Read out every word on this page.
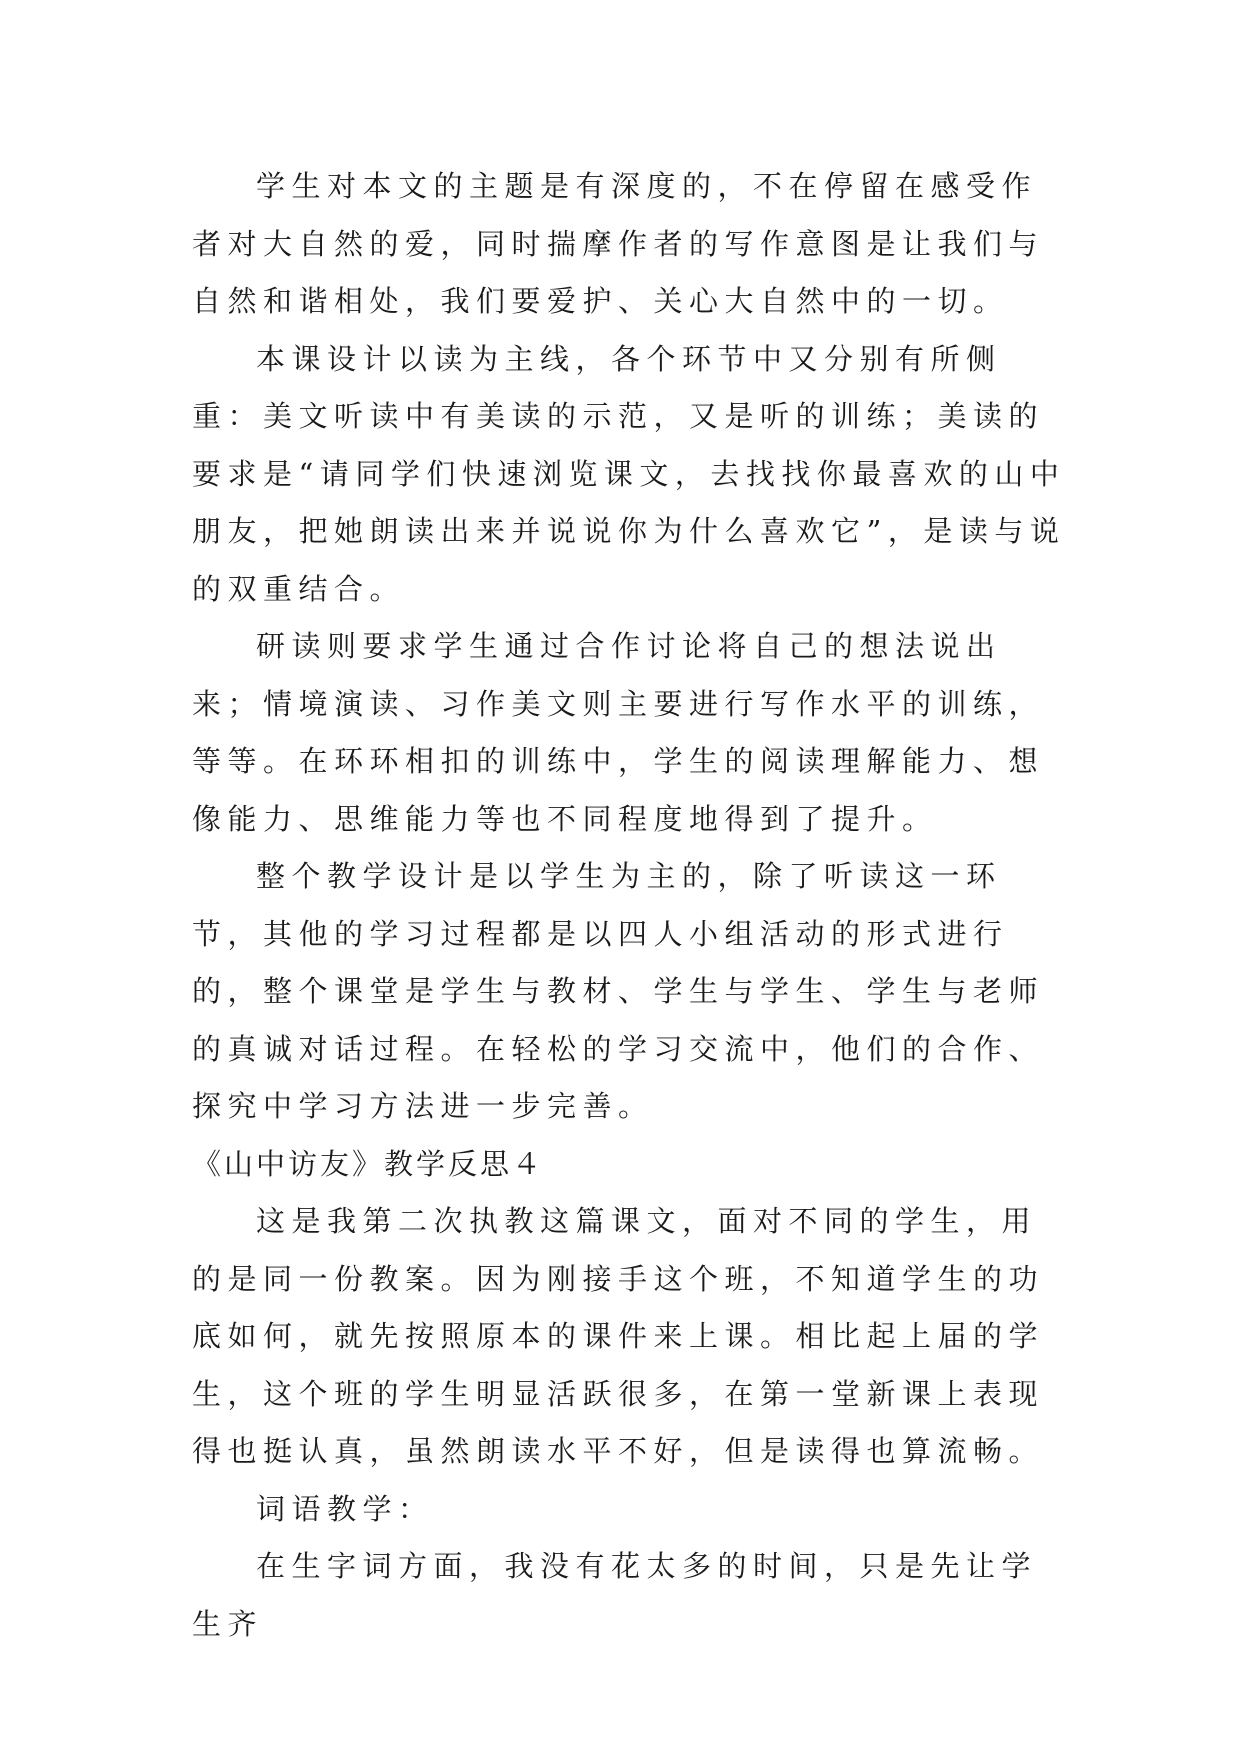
学生对本文的主题是有深度的，不在停留在感受作者对大自然的爱，同时揣摩作者的写作意图是让我们与自然和谐相处，我们要爱护、关心大自然中的一切。

本课设计以读为主线，各个环节中又分别有所侧重：美文听读中有美读的示范，又是听的训练；美读的要求是“请同学们快速浏览课文，去找找你最喜欢的山中朋友，把她朗读出来并说说你为什么喜欢它”，是读与说的双重结合。

研读则要求学生通过合作讨论将自己的想法说出来；情境演读、习作美文则主要进行写作水平的训练，等等。在环环相扣的训练中，学生的阅读理解能力、想像能力、思维能力等也不同程度地得到了提升。

整个教学设计是以学生为主的，除了听读这一环节，其他的学习过程都是以四人小组活动的形式进行的，整个课堂是学生与教材、学生与学生、学生与老师的真诚对话过程。在轻松的学习交流中，他们的合作、探究中学习方法进一步完善。

《山中访友》教学反思４

这是我第二次执教这篇课文，面对不同的学生，用的是同一份教案。因为刚接手这个班，不知道学生的功底如何，就先按照原本的课件来上课。相比起上届的学生，这个班的学生明显活跃很多，在第一堂新课上表现得也挺认真，虽然朗读水平不好，但是读得也算流畅。

词语教学：

在生字词方面，我没有花太多的时间，只是先让学生齐
